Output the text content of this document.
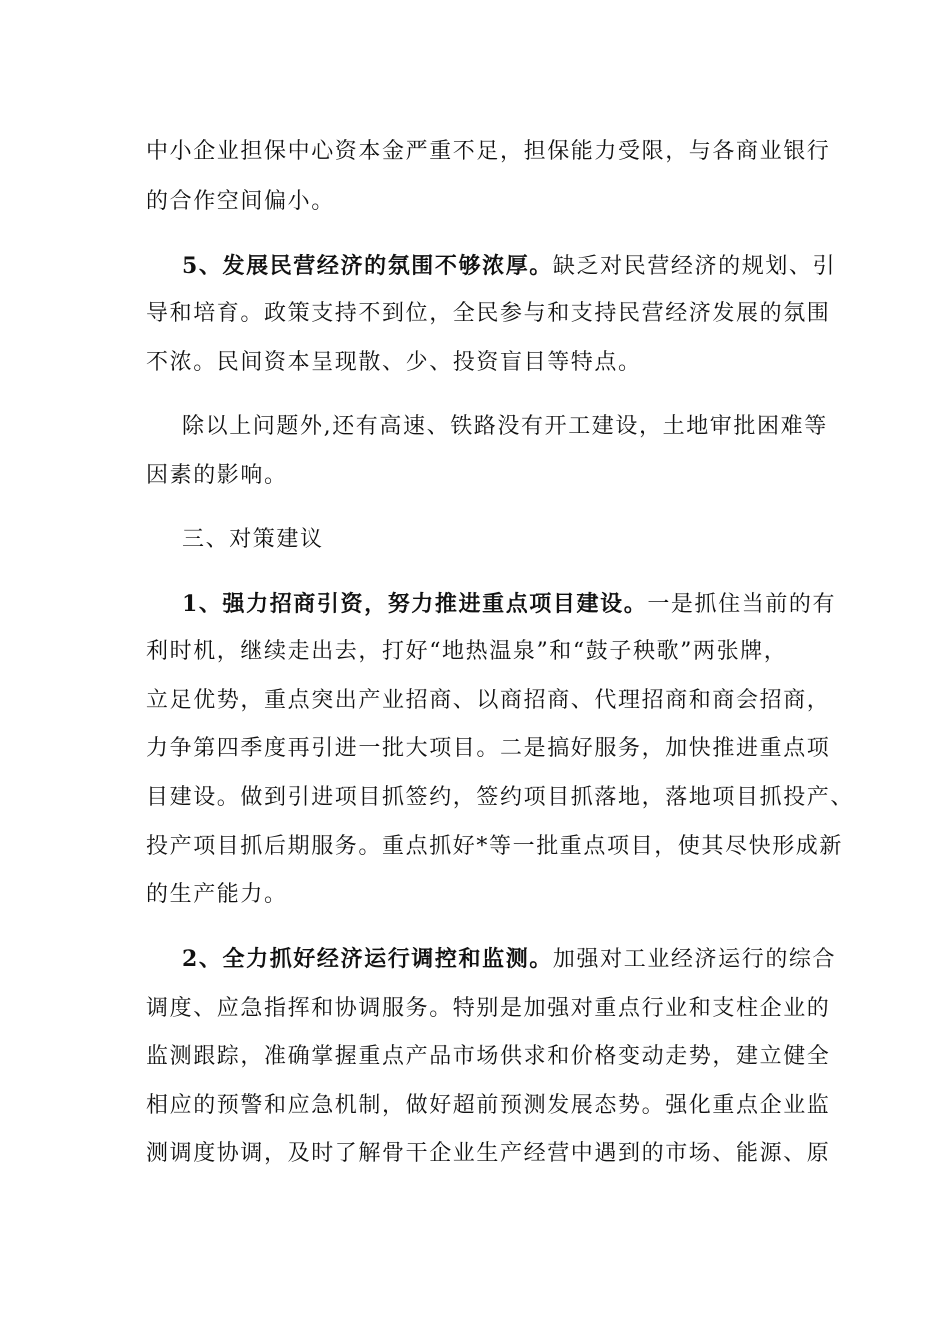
中小企业担保中心资本金严重不足，担保能力受限，与各商业银行
的合作空间偏小。
5、发展民营经济的氛围不够浓厚。缺乏对民营经济的规划、引
导和培育。政策支持不到位，全民参与和支持民营经济发展的氛围
不浓。民间资本呈现散、少、投资盲目等特点。
除以上问题外,还有高速、铁路没有开工建设，土地审批困难等
因素的影响。
三、对策建议
1、强力招商引资，努力推进重点项目建设。一是抓住当前的有
利时机，继续走出去，打好“地热温泉”和“鼓子秧歌”两张牌，
立足优势，重点突出产业招商、以商招商、代理招商和商会招商，
力争第四季度再引进一批大项目。二是搞好服务，加快推进重点项
目建设。做到引进项目抓签约，签约项目抓落地，落地项目抓投产、
投产项目抓后期服务。重点抓好*等一批重点项目，使其尽快形成新
的生产能力。
2、全力抓好经济运行调控和监测。加强对工业经济运行的综合
调度、应急指挥和协调服务。特别是加强对重点行业和支柱企业的
监测跟踪，准确掌握重点产品市场供求和价格变动走势，建立健全
相应的预警和应急机制，做好超前预测发展态势。强化重点企业监
测调度协调，及时了解骨干企业生产经营中遇到的市场、能源、原
